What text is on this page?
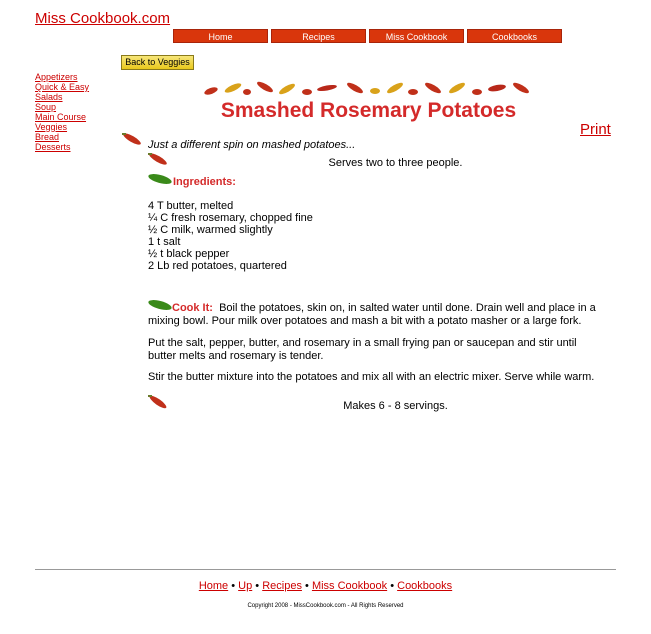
Miss Cookbook.com
Home	Recipes	Miss Cookbook	Cookbooks
Back to Veggies
Appetizers
Quick & Easy
Salads
Soup
Main Course
Veggies
Bread
Desserts
Smashed Rosemary Potatoes
Print
Just a different spin on mashed potatoes...
Serves two to three people.
Ingredients:
4 T butter, melted
¼ C fresh rosemary, chopped fine
½ C milk, warmed slightly
1 t salt
½ t black pepper
2 Lb red potatoes, quartered
Cook It: Boil the potatoes, skin on, in salted water until done. Drain well and place in a mixing bowl. Pour milk over potatoes and mash a bit with a potato masher or a large fork.
Put the salt, pepper, butter, and rosemary in a small frying pan or saucepan and stir until butter melts and rosemary is tender.
Stir the butter mixture into the potatoes and mix all with an electric mixer. Serve while warm.
Makes 6 - 8 servings.
Home • Up • Recipes • Miss Cookbook • Cookbooks
Copyright 2008 - MissCookbook.com - All Rights Reserved
